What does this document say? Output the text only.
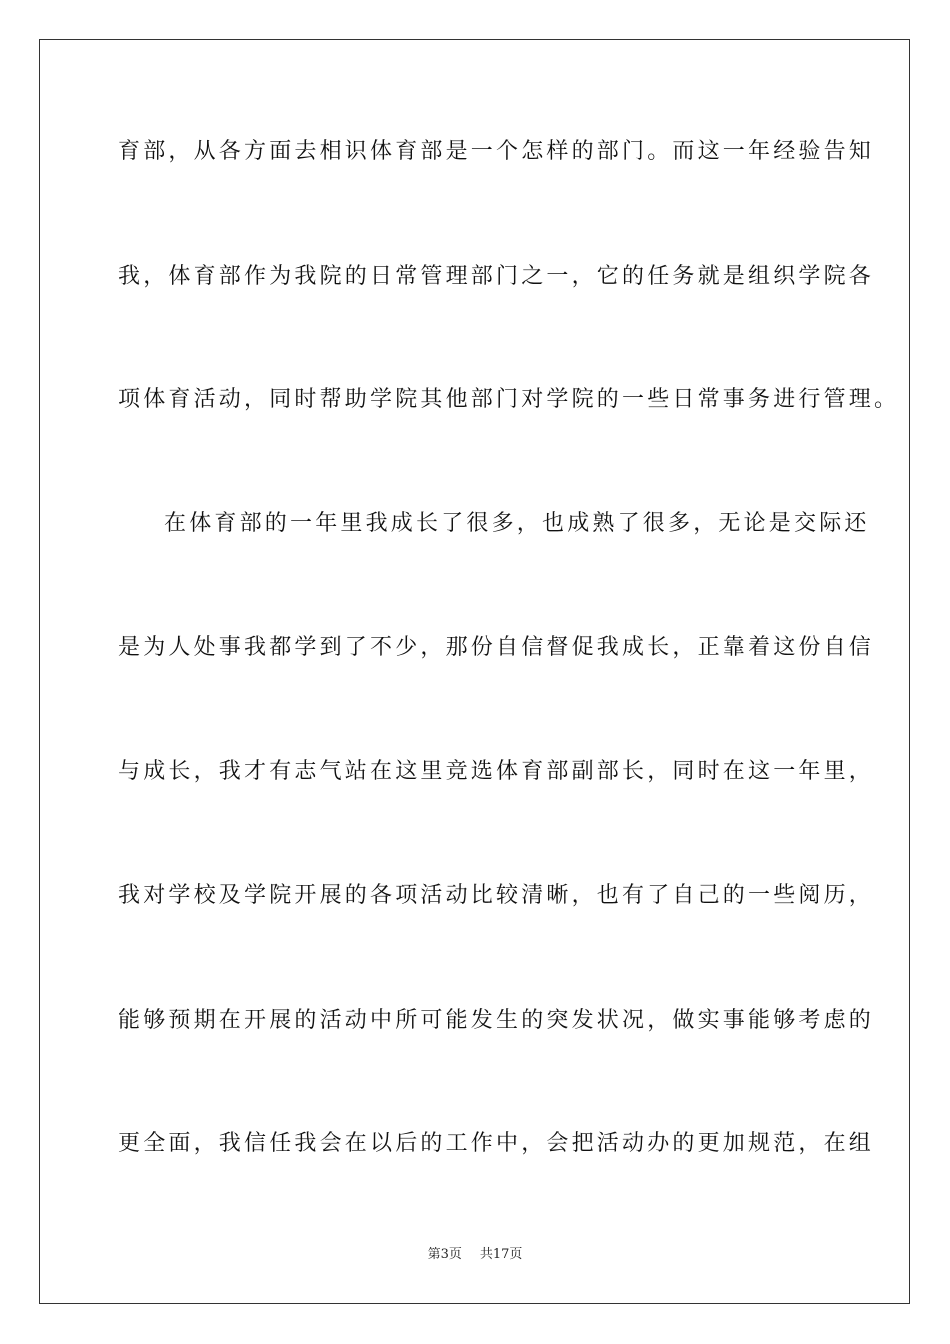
育部，从各方面去相识体育部是一个怎样的部门。而这一年经验告知
我，体育部作为我院的日常管理部门之一，它的任务就是组织学院各
项体育活动，同时帮助学院其他部门对学院的一些日常事务进行管理。
在体育部的一年里我成长了很多，也成熟了很多，无论是交际还
是为人处事我都学到了不少，那份自信督促我成长，正靠着这份自信
与成长，我才有志气站在这里竞选体育部副部长，同时在这一年里，
我对学校及学院开展的各项活动比较清晰，也有了自己的一些阅历，
能够预期在开展的活动中所可能发生的突发状况，做实事能够考虑的
更全面，我信任我会在以后的工作中，会把活动办的更加规范，在组
第3页 共17页
